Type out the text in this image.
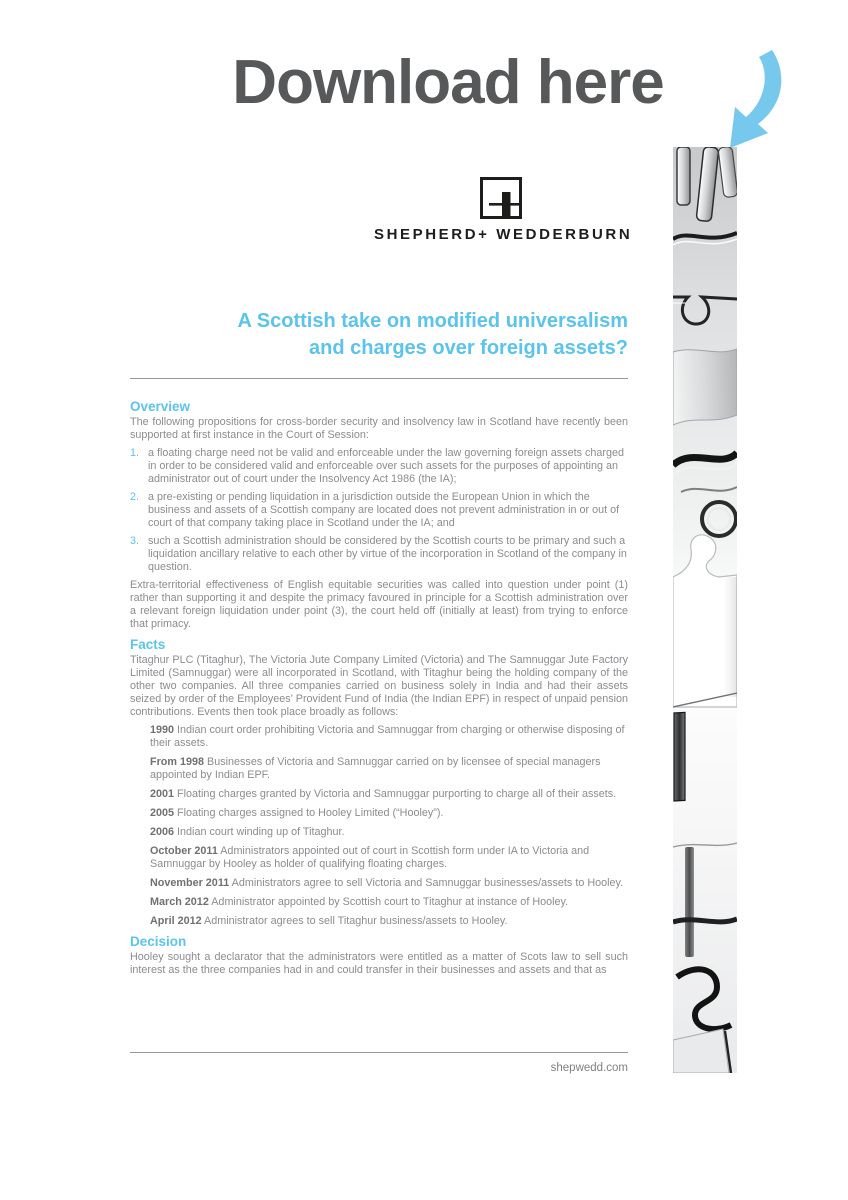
Download here
SHEPHERD+ WEDDERBURN
A Scottish take on modified universalism
and charges over foreign assets?
Overview

The following propositions for cross-border security and insolvency law in Scotland have recently been supported at first instance in the Court of Session:

1. a floating charge need not be valid and enforceable under the law governing foreign assets charged in order to be considered valid and enforceable over such assets for the purposes of appointing an administrator out of court under the Insolvency Act 1986 (the IA);
2. a pre-existing or pending liquidation in a jurisdiction outside the European Union in which the business and assets of a Scottish company are located does not prevent administration in or out of court of that company taking place in Scotland under the IA; and
3. such a Scottish administration should be considered by the Scottish courts to be primary and such a liquidation ancillary relative to each other by virtue of the incorporation in Scotland of the company in question.

Extra-territorial effectiveness of English equitable securities was called into question under point (1) rather than supporting it and despite the primacy favoured in principle for a Scottish administration over a relevant foreign liquidation under point (3), the court held off (initially at least) from trying to enforce that primacy.

Facts

Titaghur PLC (Titaghur), The Victoria Jute Company Limited (Victoria) and The Samnuggar Jute Factory Limited (Samnuggar) were all incorporated in Scotland, with Titaghur being the holding company of the other two companies. All three companies carried on business solely in India and had their assets seized by order of the Employees’ Provident Fund of India (the Indian EPF) in respect of unpaid pension contributions. Events then took place broadly as follows:

1990 Indian court order prohibiting Victoria and Samnuggar from charging or otherwise disposing of their assets.

From 1998 Businesses of Victoria and Samnuggar carried on by licensee of special managers appointed by Indian EPF.

2001 Floating charges granted by Victoria and Samnuggar purporting to charge all of their assets.

2005 Floating charges assigned to Hooley Limited (“Hooley”).

2006 Indian court winding up of Titaghur.

October 2011 Administrators appointed out of court in Scottish form under IA to Victoria and Samnuggar by Hooley as holder of qualifying floating charges.

November 2011 Administrators agree to sell Victoria and Samnuggar businesses/assets to Hooley.

March 2012 Administrator appointed by Scottish court to Titaghur at instance of Hooley.

April 2012 Administrator agrees to sell Titaghur business/assets to Hooley.

Decision

Hooley sought a declarator that the administrators were entitled as a matter of Scots law to sell such interest as the three companies had in and could transfer in their businesses and assets and that as

shepwedd.com
